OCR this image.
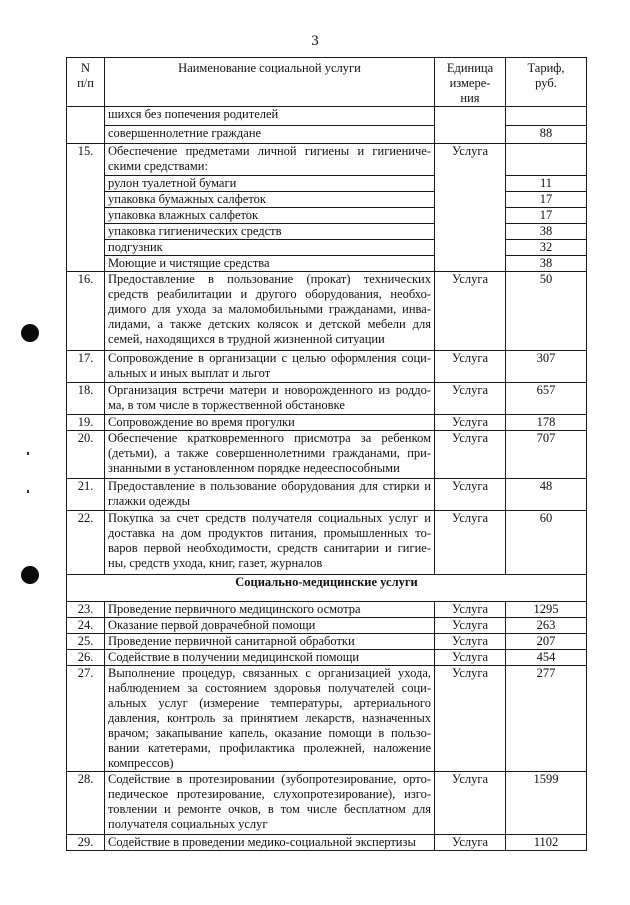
3
N
п/п	Наименование социальной услуги	Единица
измере-
ния	Тариф,
руб.
	шихся без попечения родителей		
	совершеннолетние граждане		88
15.	Обеспечение предметами личной гигиены и гигиениче-скими средствами:	Услуга	
	рулон туалетной бумаги		11
	упаковка бумажных салфеток		17
	упаковка влажных салфеток		17
	упаковка гигиенических средств		38
	подгузник		32
	Моющие и чистящие средства		38
16.	Предоставление в пользование (прокат) технических средств реабилитации и другого оборудования, необхо-димого для ухода за маломобильными гражданами, инва-лидами, а также детских колясок и детской мебели для семей, находящихся в трудной жизненной ситуации	Услуга	50
17.	Сопровождение в организации с целью оформления соци-альных и иных выплат и льгот	Услуга	307
18.	Организация встречи матери и новорожденного из роддо-ма, в том числе в торжественной обстановке	Услуга	657
19.	Сопровождение во время прогулки	Услуга	178
20.	Обеспечение кратковременного присмотра за ребенком (детьми), а также совершеннолетними гражданами, при-знанными в установленном порядке недееспособными	Услуга	707
21.	Предоставление в пользование оборудования для стирки и глажки одежды	Услуга	48
22.	Покупка за счет средств получателя социальных услуг и доставка на дом продуктов питания, промышленных то-варов первой необходимости, средств санитарии и гигие-ны, средств ухода, книг, газет, журналов	Услуга	60
Социально-медицинские услуги			
23.	Проведение первичного медицинского осмотра	Услуга	1295
24.	Оказание первой доврачебной помощи	Услуга	263
25.	Проведение первичной санитарной обработки	Услуга	207
26.	Содействие в получении медицинской помощи	Услуга	454
27.	Выполнение процедур, связанных с организацией ухода, наблюдением за состоянием здоровья получателей соци-альных услуг (измерение температуры, артериального давления, контроль за принятием лекарств, назначенных врачом; закапывание капель, оказание помощи в пользо-вании катетерами, профилактика пролежней, наложение компрессов)	Услуга	277
28.	Содействие в протезировании (зубопротезирование, орто-педическое протезирование, слухопротезирование), изго-товлении и ремонте очков, в том числе бесплатном для получателя социальных услуг	Услуга	1599
29.	Содействие в проведении медико-социальной экспертизы	Услуга	1102
